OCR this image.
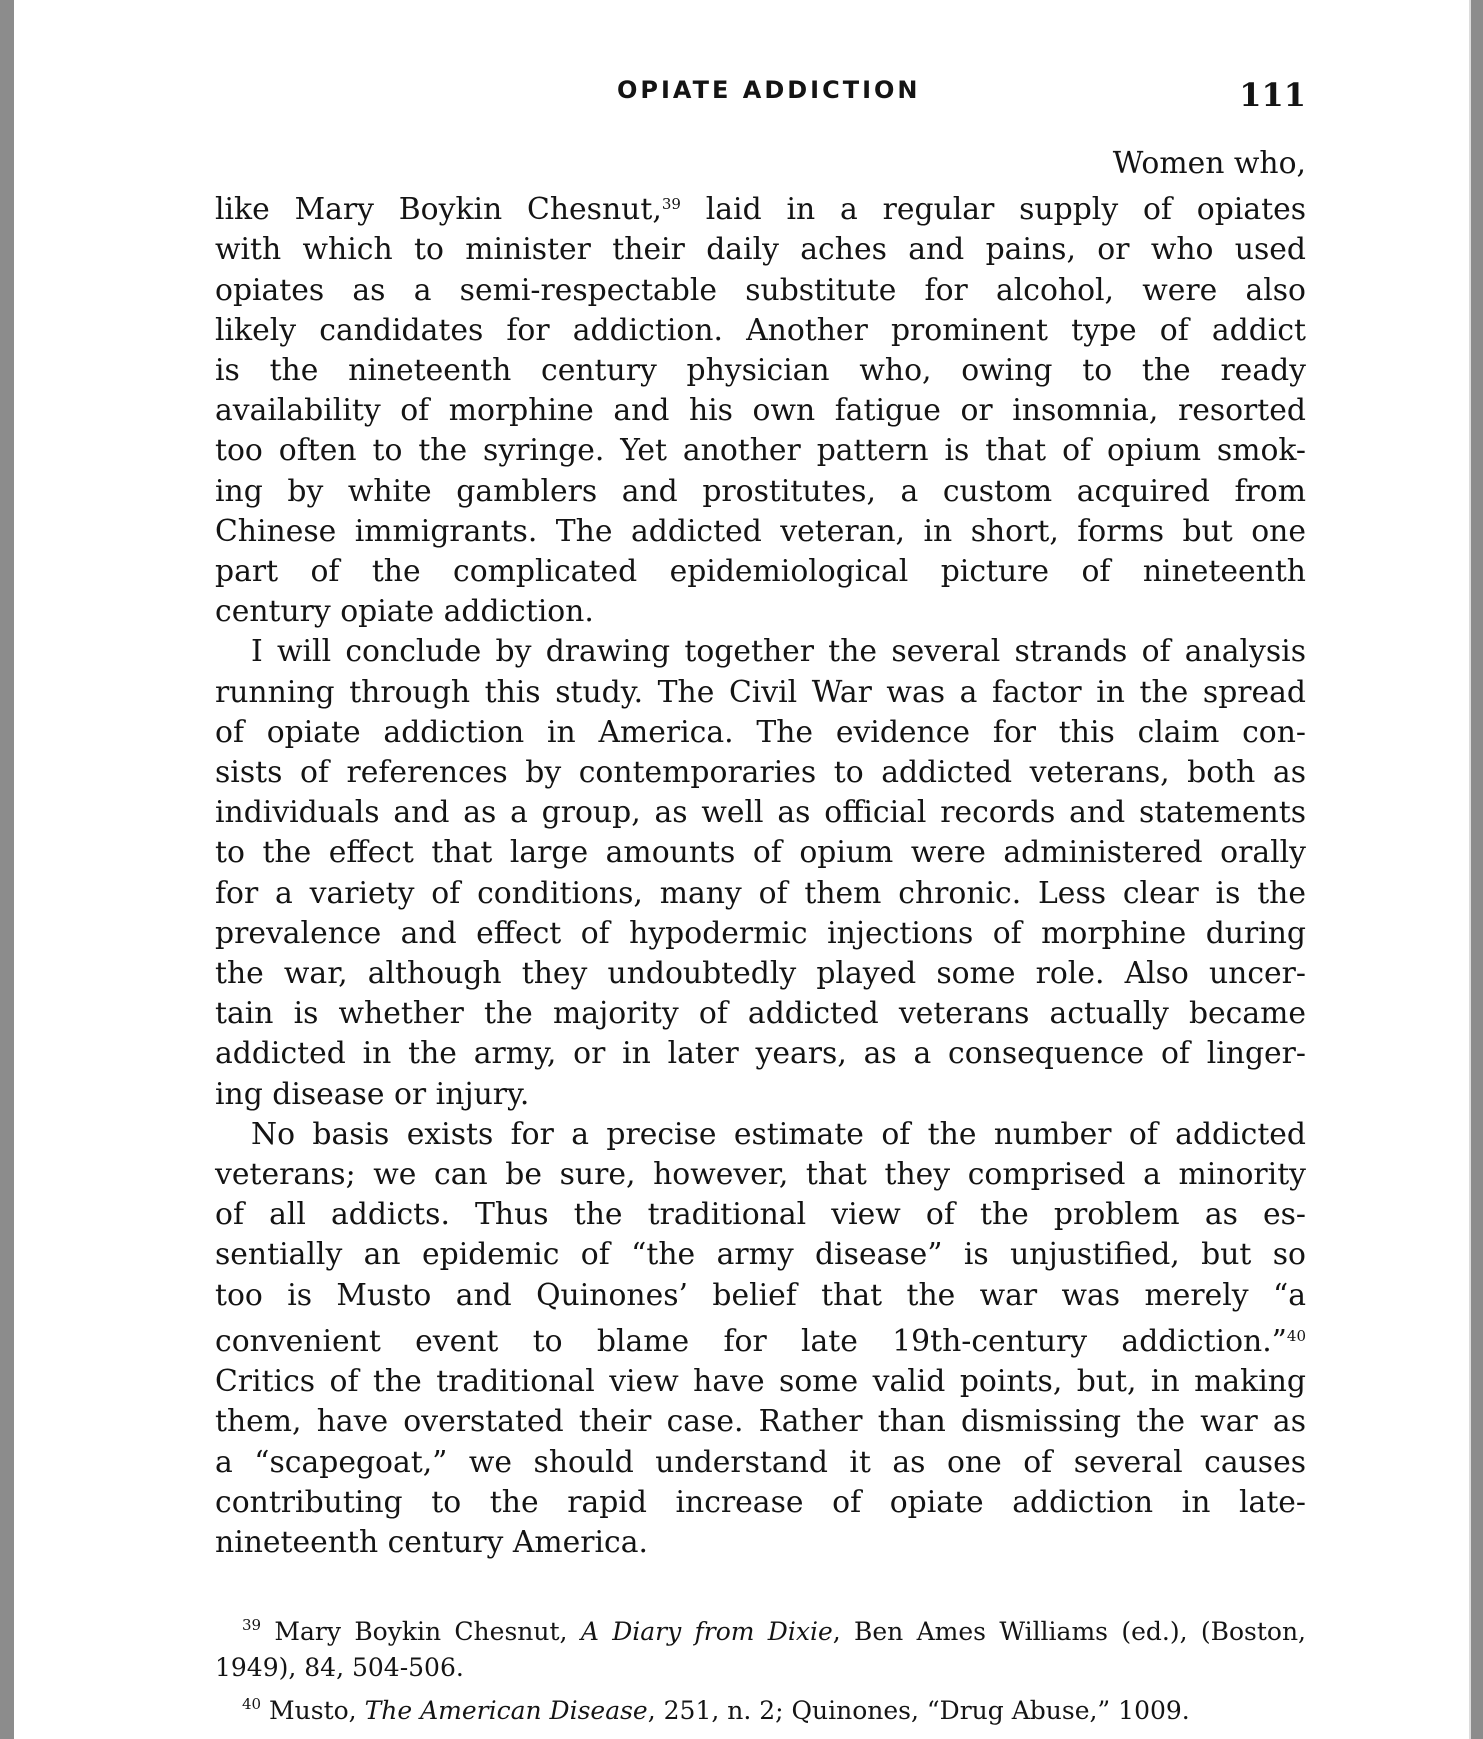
OPIATE ADDICTION	111
Women who,
like Mary Boykin Chesnut,$^{39}$ laid in a regular supply of opiates
with which to minister their daily aches and pains, or who used
opiates as a semi-respectable substitute for alcohol, were also
likely candidates for addiction. Another prominent type of addict
is the nineteenth century physician who, owing to the ready
availability of morphine and his own fatigue or insomnia, resorted
too often to the syringe. Yet another pattern is that of opium smok-
ing by white gamblers and prostitutes, a custom acquired from
Chinese immigrants. The addicted veteran, in short, forms but one
part of the complicated epidemiological picture of nineteenth
century opiate addiction.
I will conclude by drawing together the several strands of analysis
running through this study. The Civil War was a factor in the spread
of opiate addiction in America. The evidence for this claim con-
sists of references by contemporaries to addicted veterans, both as
individuals and as a group, as well as official records and statements
to the effect that large amounts of opium were administered orally
for a variety of conditions, many of them chronic. Less clear is the
prevalence and effect of hypodermic injections of morphine during
the war, although they undoubtedly played some role. Also uncer-
tain is whether the majority of addicted veterans actually became
addicted in the army, or in later years, as a consequence of linger-
ing disease or injury.
No basis exists for a precise estimate of the number of addicted
veterans; we can be sure, however, that they comprised a minority
of all addicts. Thus the traditional view of the problem as es-
sentially an epidemic of “the army disease” is unjustified, but so
too is Musto and Quinones’ belief that the war was merely “a
convenient event to blame for late 19th-century addiction.”$^{40}$
Critics of the traditional view have some valid points, but, in making
them, have overstated their case. Rather than dismissing the war as
a “scapegoat,” we should understand it as one of several causes
contributing to the rapid increase of opiate addiction in late-
nineteenth century America.
$^{39}$ Mary Boykin Chesnut, A Diary from Dixie, Ben Ames Williams (ed.), (Boston,
1949), 84, 504-506.
$^{40}$ Musto, The American Disease, 251, n. 2; Quinones, “Drug Abuse,” 1009.
